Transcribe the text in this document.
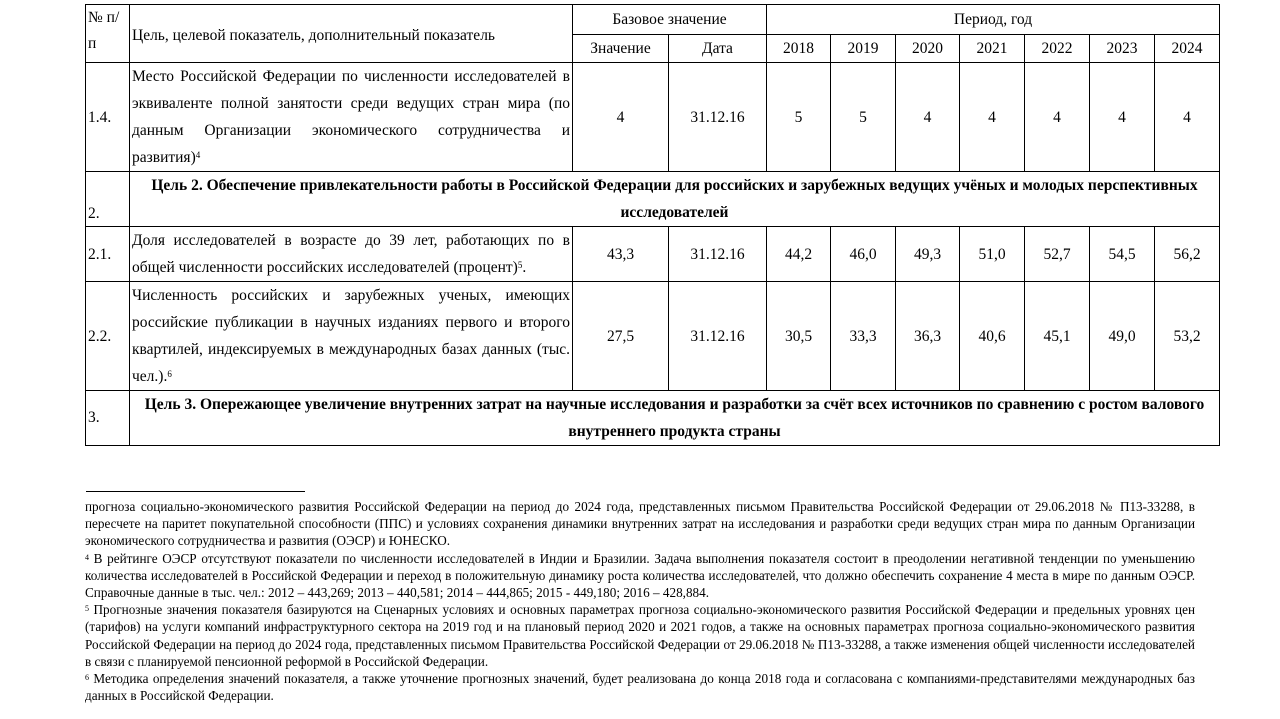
№ п/п	Цель, целевой показатель, дополнительный показатель	Базовое значение		Период, год						
		Значение	Дата	2018	2019	2020	2021	2022	2023	2024
1.4.	Место Российской Федерации по численности исследователей в эквиваленте полной занятости среди ведущих стран мира (по данным Организации экономического сотрудничества и развития)$^4$	4	31.12.16	5	5	4	4	4	4	4
2.	Цель 2. Обеспечение привлекательности работы в Российской Федерации для российских и зарубежных ведущих учёных и молодых перспективных исследователей									
2.1.	Доля исследователей в возрасте до 39 лет, работающих по в общей численности российских исследователей (процент)$^5$.	43,3	31.12.16	44,2	46,0	49,3	51,0	52,7	54,5	56,2
2.2.	Численность российских и зарубежных ученых, имеющих российские публикации в научных изданиях первого и второго квартилей, индексируемых в международных базах данных (тыс. чел.).$^6$	27,5	31.12.16	30,5	33,3	36,3	40,6	45,1	49,0	53,2
3.	Цель 3. Опережающее увеличение внутренних затрат на научные исследования и разработки за счёт всех источников по сравнению с ростом валового внутреннего продукта страны									

прогноза социально-экономического развития Российской Федерации на период до 2024 года, представленных письмом Правительства Российской Федерации от 29.06.2018 № П13-33288, в пересчете на паритет покупательной способности (ППС) и условиях сохранения динамики внутренних затрат на исследования и разработки среди ведущих стран мира по данным Организации экономического сотрудничества и развития (ОЭСР) и ЮНЕСКО.

$^4$ В рейтинге ОЭСР отсутствуют показатели по численности исследователей в Индии и Бразилии. Задача выполнения показателя состоит в преодолении негативной тенденции по уменьшению количества исследователей в Российской Федерации и переход в положительную динамику роста количества исследователей, что должно обеспечить сохранение 4 места в мире по данным ОЭСР. Справочные данные в тыс. чел.: 2012 – 443,269; 2013 – 440,581; 2014 – 444,865; 2015 - 449,180; 2016 – 428,884.

$^5$ Прогнозные значения показателя базируются на Сценарных условиях и основных параметрах прогноза социально-экономического развития Российской Федерации и предельных уровнях цен (тарифов) на услуги компаний инфраструктурного сектора на 2019 год и на плановый период 2020 и 2021 годов, а также на основных параметрах прогноза социально-экономического развития Российской Федерации на период до 2024 года, представленных письмом Правительства Российской Федерации от 29.06.2018 № П13-33288, а также изменения общей численности исследователей в связи с планируемой пенсионной реформой в Российской Федерации.

$^6$ Методика определения значений показателя, а также уточнение прогнозных значений, будет реализована до конца 2018 года и согласована с компаниями-представителями международных баз данных в Российской Федерации.
